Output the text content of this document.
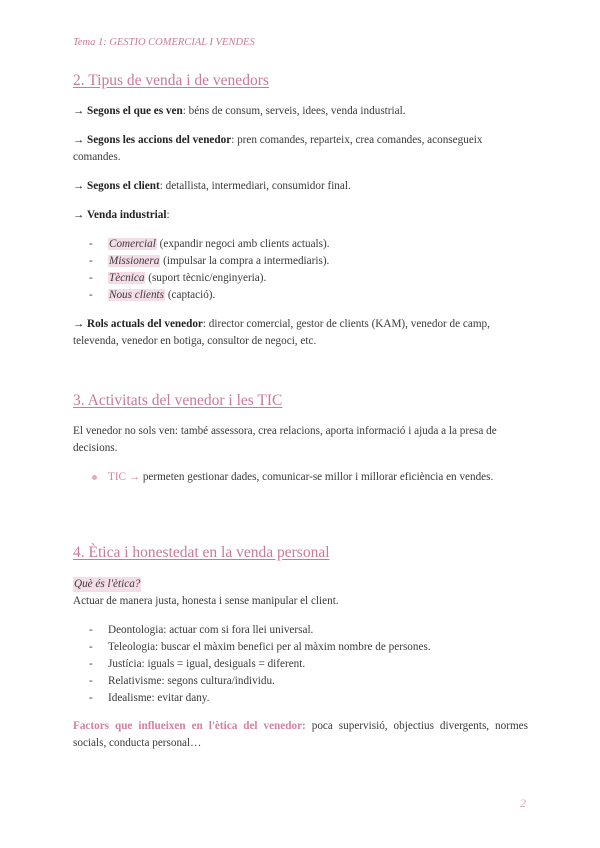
Tema 1: GESTIO COMERCIAL I VENDES
2. Tipus de venda i de venedors
→ Segons el que es ven: béns de consum, serveis, idees, venda industrial.
→ Segons les accions del venedor: pren comandes, reparteix, crea comandes, aconsegueix comandes.
→ Segons el client: detallista, intermediari, consumidor final.
→ Venda industrial:
- Comercial (expandir negoci amb clients actuals).
- Missionera (impulsar la compra a intermediaris).
- Tècnica (suport tècnic/enginyeria).
- Nous clients (captació).
→ Rols actuals del venedor: director comercial, gestor de clients (KAM), venedor de camp, televenda, venedor en botiga, consultor de negoci, etc.
3. Activitats del venedor i les TIC
El venedor no sols ven: també assessora, crea relacions, aporta informació i ajuda a la presa de decisions.
TIC → permeten gestionar dades, comunicar-se millor i millorar eficiència en vendes.
4. Ètica i honestedat en la venda personal
Què és l'ètica?
Actuar de manera justa, honesta i sense manipular el client.
- Deontologia: actuar com si fora llei universal.
- Teleologia: buscar el màxim benefici per al màxim nombre de persones.
- Justícia: iguals = igual, desiguals = diferent.
- Relativisme: segons cultura/individu.
- Idealisme: evitar dany.
Factors que influeixen en l'ètica del venedor: poca supervisió, objectius divergents, normes socials, conducta personal…
2
